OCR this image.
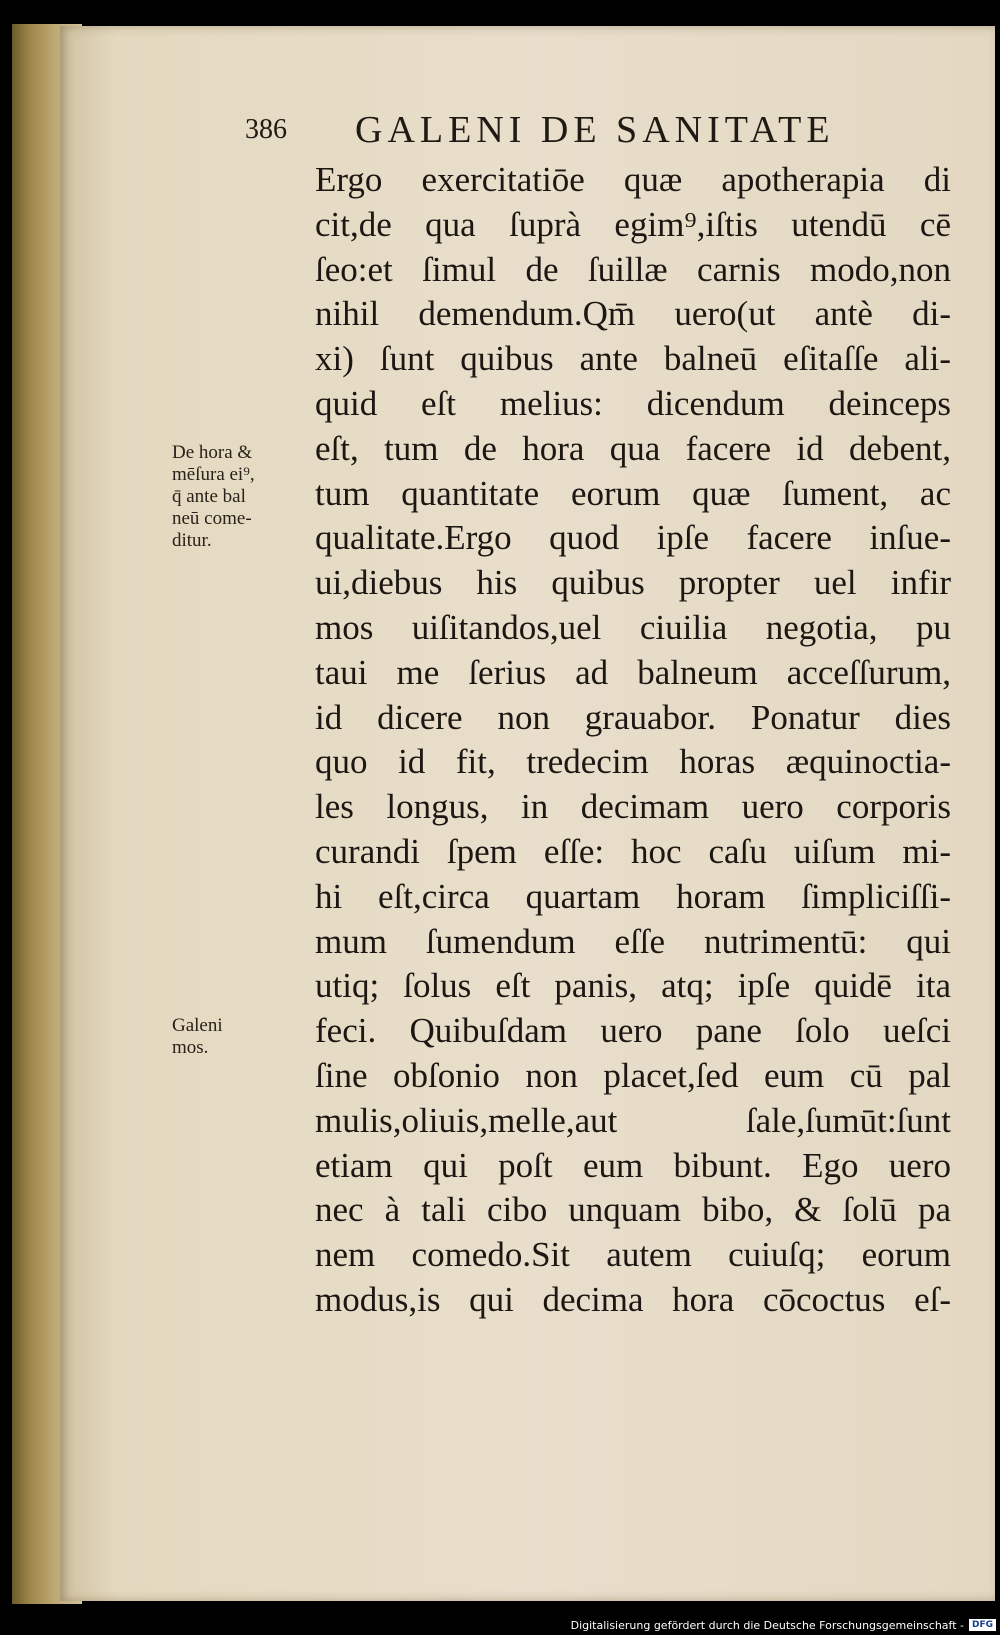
386 GALENI DE SANITATE
Ergo exercitatiōe quæ apotherapia di
cit,de qua ſuprà egim⁹,iſtis utendū cē
ſeo:et ſimul de ſuillæ carnis modo,non
nihil demendum.Qm̄ uero(ut antè di-
xi) ſunt quibus ante balneū eſitaſſe ali-
quid eſt melius: dicendum deinceps
eſt, tum de hora qua facere id debent,
tum quantitate eorum quæ ſument, ac
qualitate.Ergo quod ipſe facere inſue-
ui,diebus his quibus propter uel infir
mos uiſitandos,uel ciuilia negotia, pu
taui me ſerius ad balneum acceſſurum,
id dicere non grauabor. Ponatur dies
quo id fit, tredecim horas æquinoctia-
les longus, in decimam uero corporis
curandi ſpem eſſe: hoc caſu uiſum mi-
hi eſt,circa quartam horam ſimpliciſſi-
mum ſumendum eſſe nutrimentū: qui
utiq; ſolus eſt panis, atq; ipſe quidē ita
feci. Quibuſdam uero pane ſolo ueſci
ſine obſonio non placet,ſed eum cū pal
mulis,oliuis,melle,aut ſale,ſumūt:ſunt
etiam qui poſt eum bibunt. Ego uero
nec à tali cibo unquam bibo, & ſolū pa
nem comedo.Sit autem cuiuſq; eorum
modus,is qui decima hora cōcoctus eſ-
De hora &
mēſura ei⁹,
q̄ ante bal
neū come-
ditur.
Galeni
mos.
Digitalisierung gefördert durch die Deutsche Forschungsgemeinschaft - DFG
